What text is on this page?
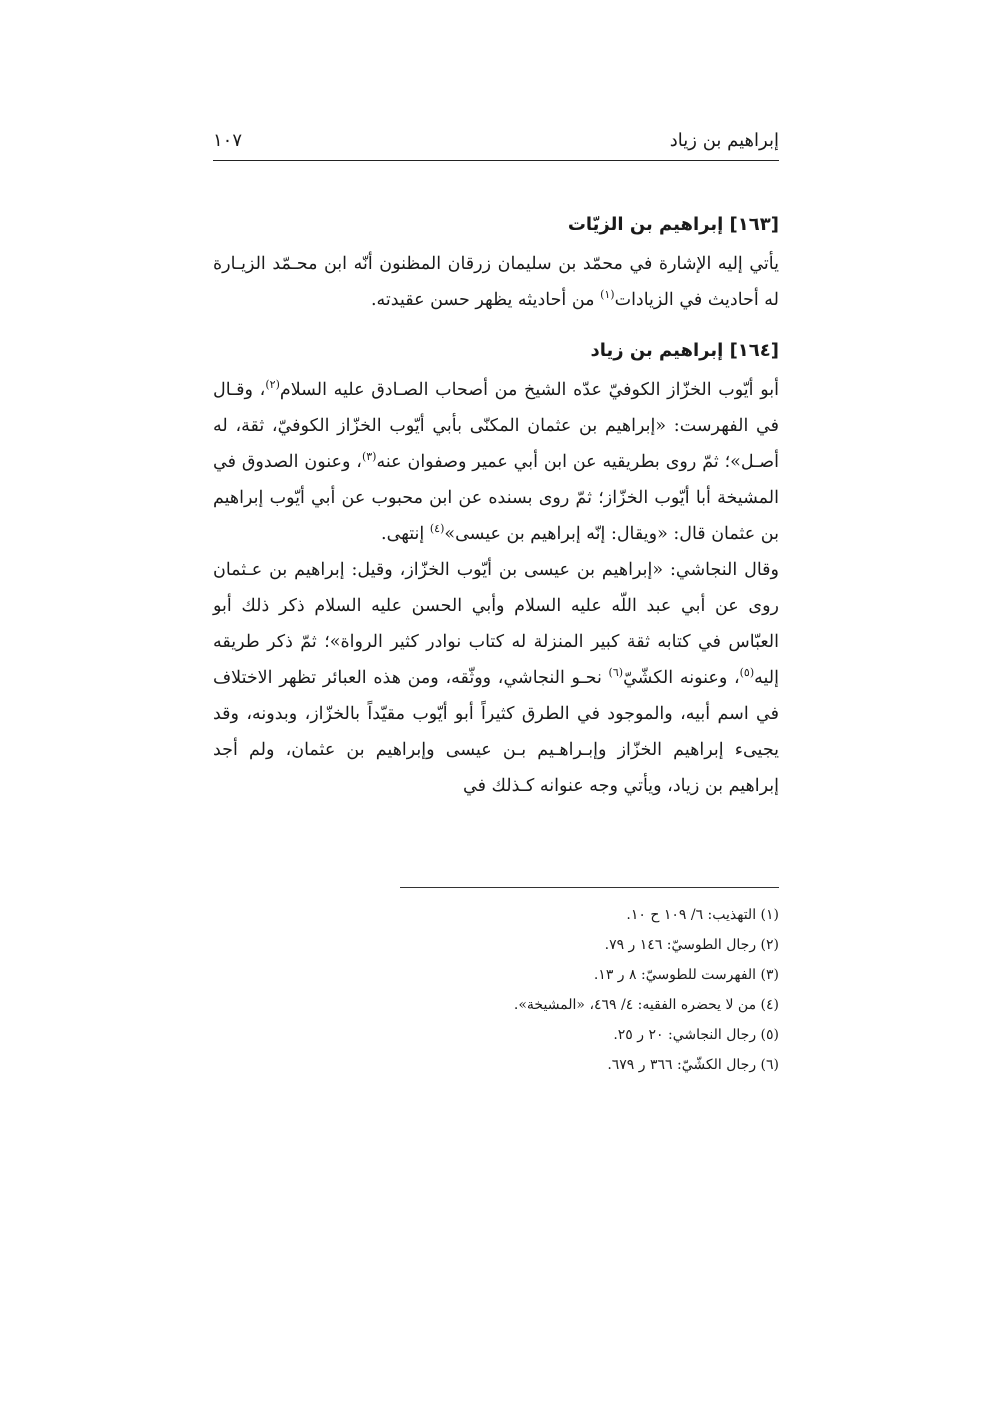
إبراهيم بن زياد
١٠٧
[١٦٣] إبراهيم بن الزيّات

يأتي إليه الإشارة في محمّد بن سليمان زرقان المظنون أنّه ابن محـمّد الزيـارة له أحاديث في الزيادات$^{(١)}$ من أحاديثه يظهر حسن عقيدته.

[١٦٤] إبراهيم بن زياد

أبو أيّوب الخزّاز الكوفيّ عدّه الشيخ من أصحاب الصـادق عليه السلام$^{(٢)}$، وقـال في الفهرست: «إبراهيم بن عثمان المكنّى بأبي أيّوب الخزّاز الكوفيّ، ثقة، له أصـل»؛ ثمّ روى بطريقيه عن ابن أبي عمير وصفوان عنه$^{(٣)}$، وعنون الصدوق في المشيخة أبا أيّوب الخزّاز؛ ثمّ روى بسنده عن ابن محبوب عن أبي أيّوب إبراهيم بن عثمان قال: «ويقال: إنّه إبراهيم بن عيسى»$^{(٤)}$ إنتهى.

وقال النجاشي: «إبراهيم بن عيسى بن أيّوب الخزّاز، وقيل: إبراهيم بن عـثمان روى عن أبي عبد اللّه عليه السلام وأبي الحسن عليه السلام ذكر ذلك أبو العبّاس في كتابه ثقة كبير المنزلة له كتاب نوادر كثير الرواة»؛ ثمّ ذكر طريقه إليه$^{(٥)}$، وعنونه الكشّيّ$^{(٦)}$ نحـو النجاشي، ووثّقه، ومن هذه العبائر تظهر الاختلاف في اسم أبيه، والموجود في الطرق كثيراً أبو أيّوب مقيّداً بالخزّاز، وبدونه، وقد يجيىء إبراهيم الخزّاز وإبـراهـيم بـن عيسى وإبراهيم بن عثمان، ولم أجد إبراهيم بن زياد، ويأتي وجه عنوانه كـذلك في

(١) التهذيب: ٦/ ١٠٩ ح ١٠.
(٢) رجال الطوسيّ: ١٤٦ ر ٧٩.
(٣) الفهرست للطوسيّ: ٨ ر ١٣.
(٤) من لا يحضره الفقيه: ٤/ ٤٦٩، «المشيخة».
(٥) رجال النجاشي: ٢٠ ر ٢٥.
(٦) رجال الكشّيّ: ٣٦٦ ر ٦٧٩.
